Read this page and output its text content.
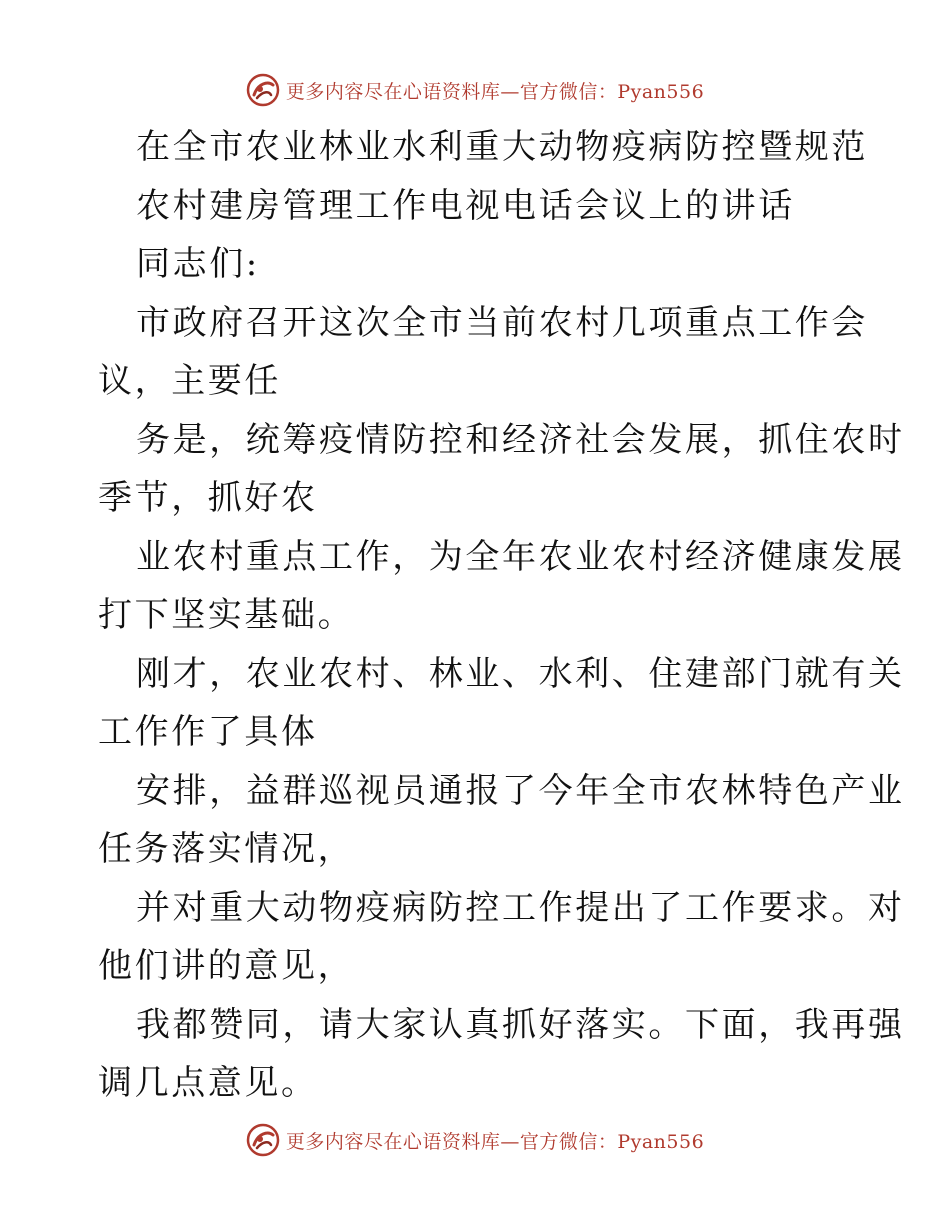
更多内容尽在心语资料库—官方微信：Pyan556
在全市农业林业水利重大动物疫病防控暨规范
农村建房管理工作电视电话会议上的讲话
同志们:
市政府召开这次全市当前农村几项重点工作会
议，主要任
务是，统筹疫情防控和经济社会发展，抓住农时
季节，抓好农
业农村重点工作，为全年农业农村经济健康发展
打下坚实基础。
刚才，农业农村、林业、水利、住建部门就有关
工作作了具体
安排，益群巡视员通报了今年全市农林特色产业
任务落实情况，
并对重大动物疫病防控工作提出了工作要求。对
他们讲的意见，
我都赞同，请大家认真抓好落实。下面，我再强
调几点意见。
更多内容尽在心语资料库—官方微信：Pyan556
